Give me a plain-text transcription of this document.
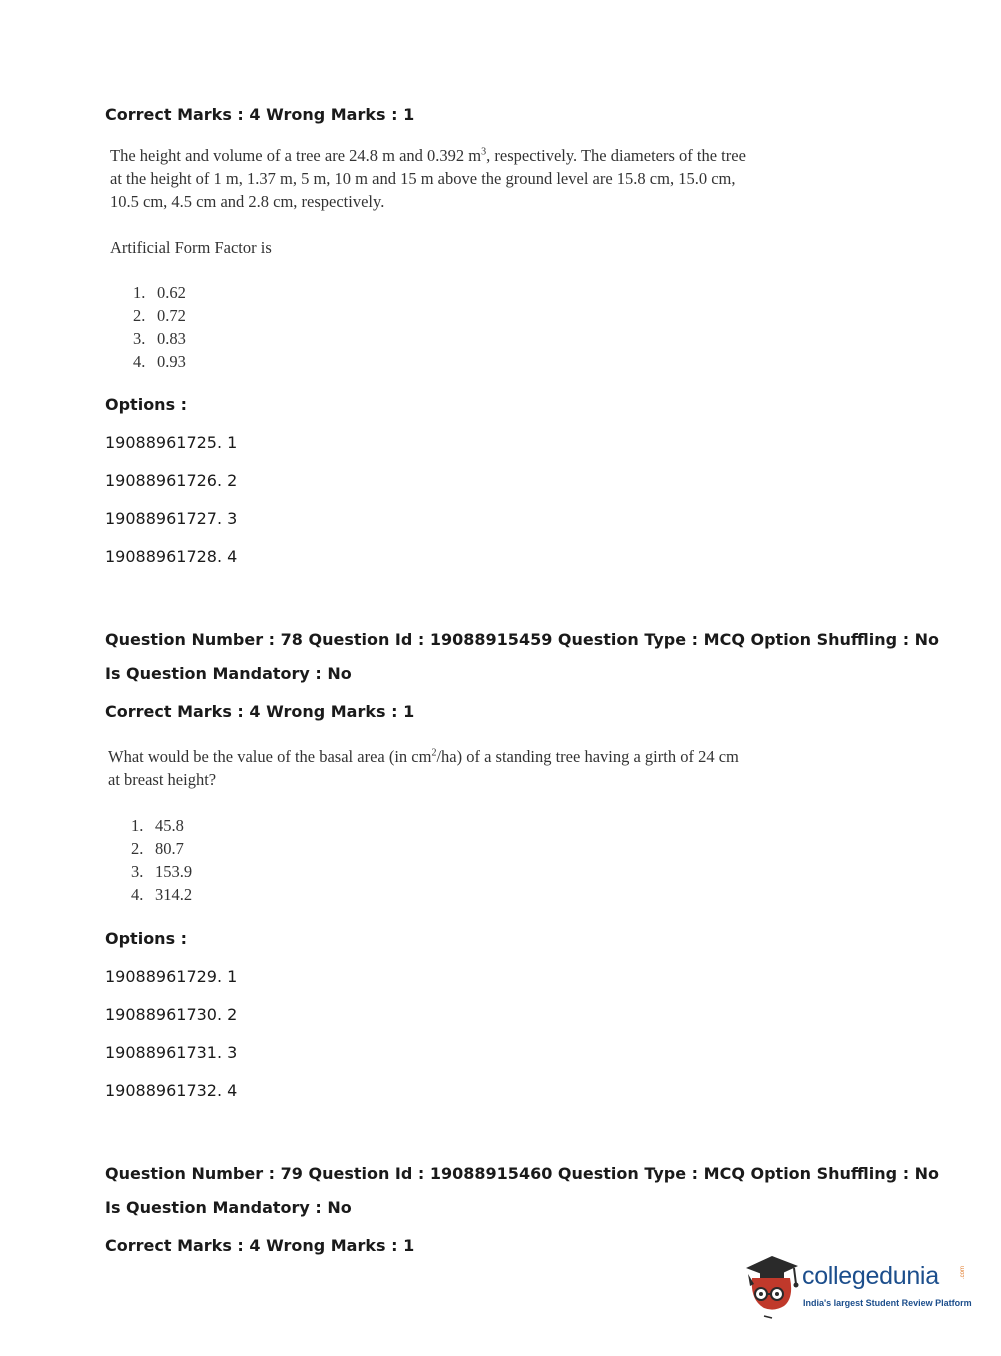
Correct Marks : 4 Wrong Marks : 1
The height and volume of a tree are 24.8 m and 0.392 $m^3$, respectively. The diameters of the tree
at the height of 1 m, 1.37 m, 5 m, 10 m and 15 m above the ground level are 15.8 cm, 15.0 cm,
10.5 cm, 4.5 cm and 2.8 cm, respectively.
Artificial Form Factor is
1. 0.62
2. 0.72
3. 0.83
4. 0.93
Options :
19088961725. 1
19088961726. 2
19088961727. 3
19088961728. 4
Question Number : 78 Question Id : 19088915459 Question Type : MCQ Option Shuffling : No
Is Question Mandatory : No
Correct Marks : 4 Wrong Marks : 1
What would be the value of the basal area (in $cm^2/ha$) of a standing tree having a girth of 24 cm
at breast height?
1. 45.8
2. 80.7
3. 153.9
4. 314.2
Options :
19088961729. 1
19088961730. 2
19088961731. 3
19088961732. 4
Question Number : 79 Question Id : 19088915460 Question Type : MCQ Option Shuffling : No
Is Question Mandatory : No
Correct Marks : 4 Wrong Marks : 1
collegedunia	.com
India's largest Student Review Platform
